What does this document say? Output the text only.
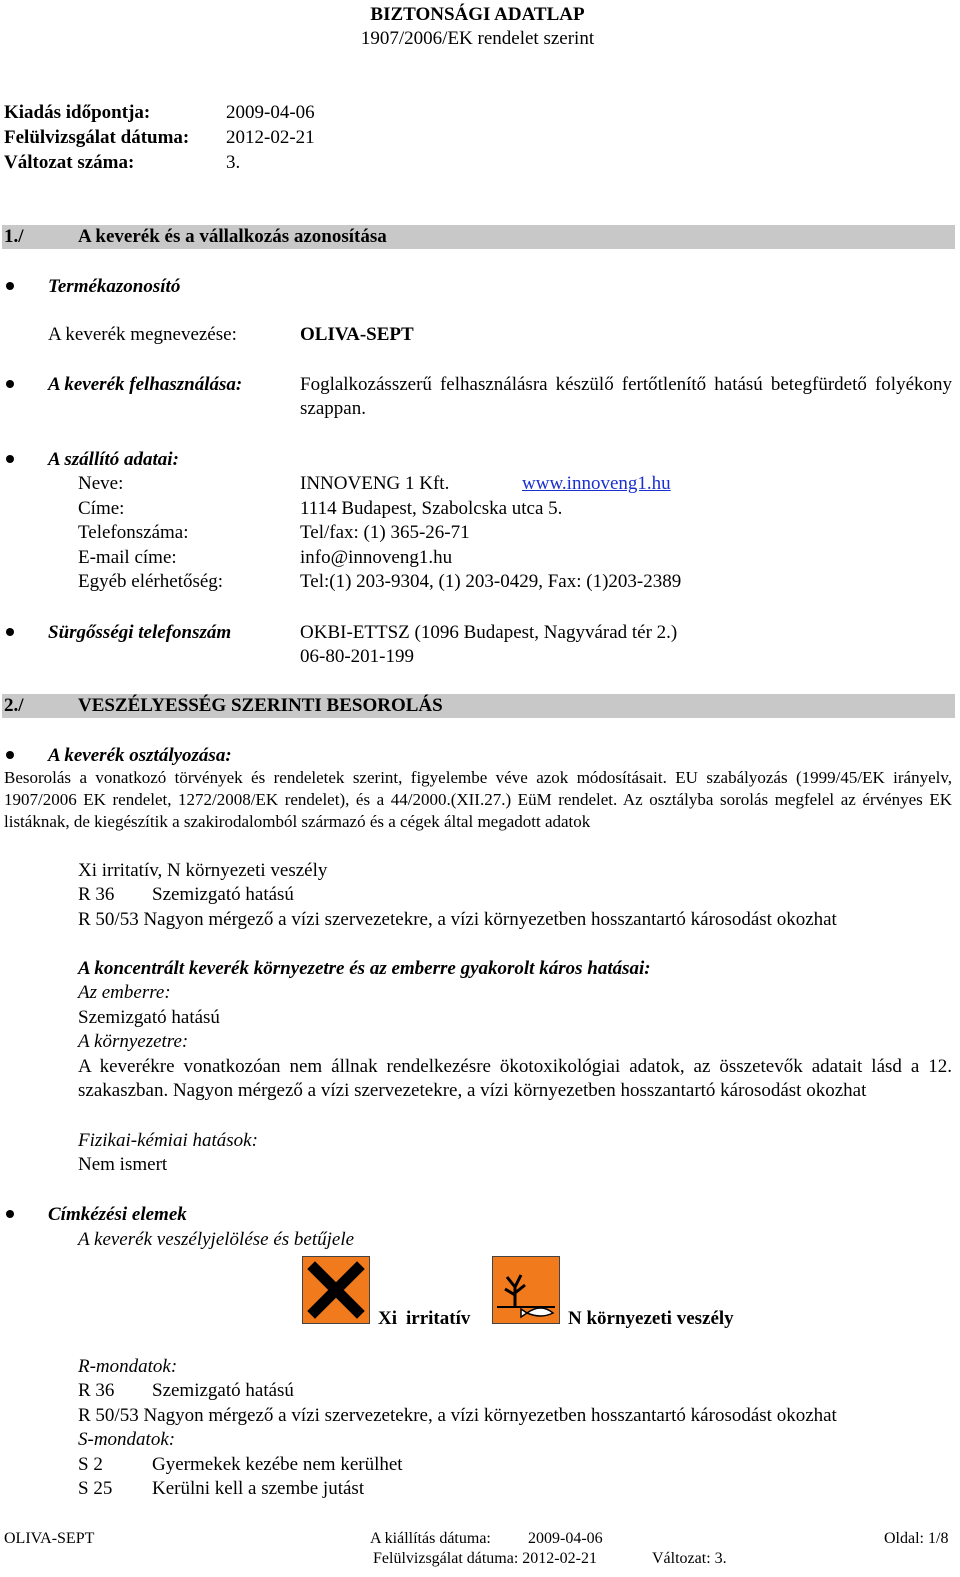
BIZTONSÁGI ADATLAP
1907/2006/EK rendelet szerint
Kiadás időpontja:	2009-04-06
Felülvizsgálat dátuma: 2012-02-21
Változat száma:	3.
1./	A keverék és a vállalkozás azonosítása
Termékazonosító
A keverék megnevezése:	OLIVA-SEPT
A keverék felhasználása:	Foglalkozásszerű felhasználásra készülő fertőtlenítő hatású betegfürdető folyékony szappan.
A szállító adatai:
Neve:	INNOVENG 1 Kft.	www.innoveng1.hu
Címe:	1114 Budapest, Szabolcska utca 5.
Telefonszáma:	Tel/fax: (1) 365-26-71
E-mail címe:	info@innoveng1.hu
Egyéb elérhetőség:	Tel:(1) 203-9304, (1) 203-0429, Fax: (1)203-2389
Sürgősségi telefonszám	OKBI-ETTSZ (1096 Budapest, Nagyvárad tér 2.)
06-80-201-199
2./	VESZÉLYESSÉG SZERINTI BESOROLÁS
A keverék osztályozása:
Besorolás a vonatkozó törvények és rendeletek szerint, figyelembe véve azok módosításait. EU szabályozás (1999/45/EK irányelv, 1907/2006 EK rendelet, 1272/2008/EK rendelet), és a 44/2000.(XII.27.) EüM rendelet. Az osztályba sorolás megfelel az érvényes EK listáknak, de kiegészítik a szakirodalomból származó és a cégek által megadott adatok
Xi irritatív, N környezeti veszély
R 36 Szemizgató hatású
R 50/53 Nagyon mérgező a vízi szervezetekre, a vízi környezetben hosszantartó károsodást okozhat
A koncentrált keverék környezetre és az emberre gyakorolt káros hatásai:
Az emberre:
Szemizgató hatású
A környezetre:
A keverékre vonatkozóan nem állnak rendelkezésre ökotoxikológiai adatok, az összetevők adatait lásd a 12. szakaszban. Nagyon mérgező a vízi szervezetekre, a vízi környezetben hosszantartó károsodást okozhat
Fizikai-kémiai hatások:
Nem ismert
Címkézési elemek
A keverék veszélyjelölése és betűjele
Xi irritatív	N környezeti veszély
R-mondatok:
R 36 Szemizgató hatású
R 50/53 Nagyon mérgező a vízi szervezetekre, a vízi környezetben hosszantartó károsodást okozhat
S-mondatok:
S 2	Gyermekek kezébe nem kerülhet
S 25 Kerülni kell a szembe jutást
OLIVA-SEPT	A kiállítás dátuma: 2009-04-06	Oldal: 1/8
Felülvizsgálat dátuma: 2012-02-21	Változat: 3.
